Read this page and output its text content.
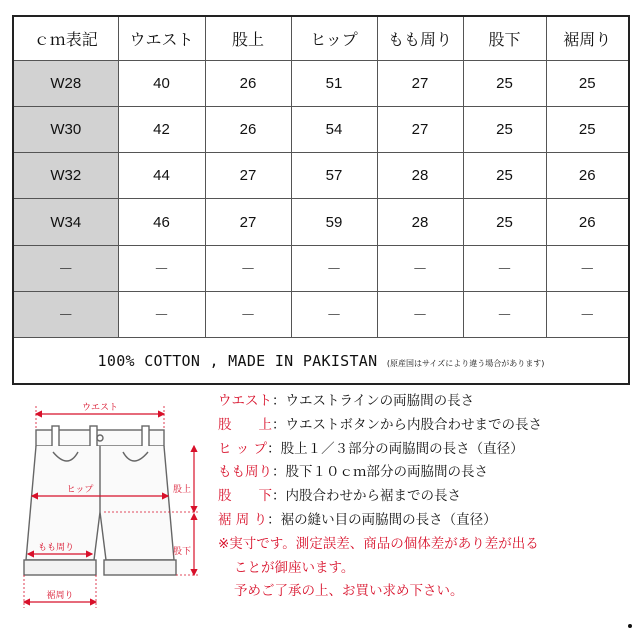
ｃｍ表記	ウエスト	股上	ヒップ	もも周り	股下	裾周り
W28	40	26	51	27	25	25
W30	42	26	54	27	25	25
W32	44	27	57	28	25	26
W34	46	27	59	28	25	26
－	－	－	－	－	－	－
－	－	－	－	－	－	－
100% COTTON , MADE IN PAKISTAN (原産国はサイズにより違う場合があります)						
ウエスト
ヒップ	股上
股下
もも周り
裾周り
ウエスト：ウエストラインの両脇間の長さ
股　　上：ウエストボタンから内股合わせまでの長さ
ヒ ッ プ：股上１／３部分の両脇間の長さ（直径）
もも周り：股下１０ｃｍ部分の両脇間の長さ
股　　下：内股合わせから裾までの長さ
裾 周 り：裾の縫い目の両脇間の長さ（直径）
※実寸です。測定誤差、商品の個体差があり差が出る
ことが御座います。
予めご了承の上、お買い求め下さい。
